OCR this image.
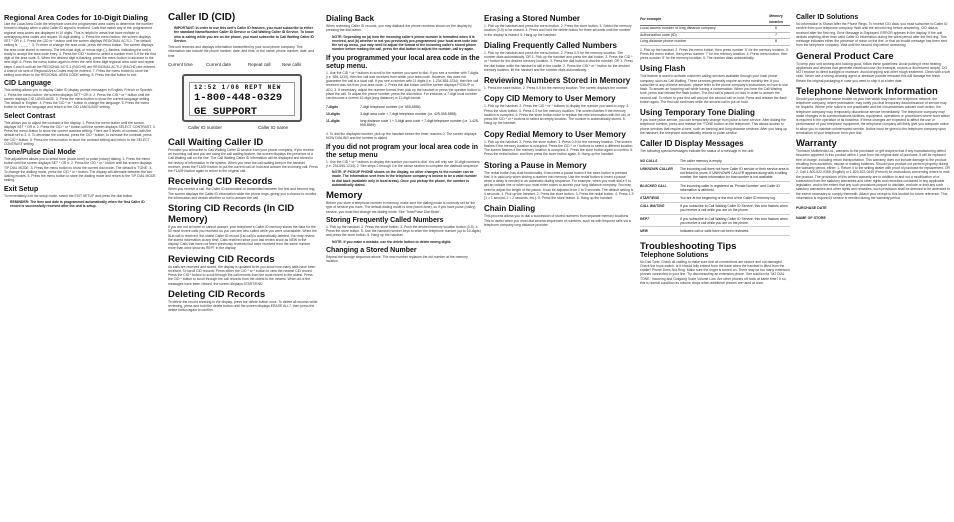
Regional Area Codes for 10-Digit Dialing
Like the Local Area Code the telephone uses the programmed area codes to determine the number format to display when a valid Caller ID signal is received. Calls that match any of the programmed regional area codes are displayed in 10 digits. This is helpful in areas that have multiple or overlapping area codes and require 10-digit dialing. 1. Press the menu button; the screen displays SET * OR #. 2. Press the CID or * button until the screen displays REGIONAL AC'S-1. The default setting is " _ _ _ ". 3. To enter or change the area code, press the menu button. The screen displays the area code stored in memory. The left-most digit, or minus sign (-), flashes, indicating the unit is ready to accept the area code entry. 4. Press the CID * button to select a number from 0-9 for the first digit of the area code. 5. When the desired digit is flashing, press the menu button to advance to the next digit. 6. Press the menu button again to enter the next three-digit regional area code and repeat steps 4 and 5 until all the REGIONAL AC'S-1 (RACHS) are REGIONAL AC'S-2 (RACH2) are entered. A total of six sets of Regional Area Codes may be entered. 7. Press the menu button to store the setting and return to the REGIONAL AREA CODE setting. 8. Press the dial button to exit.
CID Language
This setting allows you to display Caller ID display prompt messages in English, French or Spanish. 1. Press the menu button; the screen displays SET * OR #. 2. Press the CID * or * button until the screen displays CID LANGUAGE. 3. Press the menu button to show the current language setting. The default is 'English'. 4. Press the CID * or * button to change the language. 5. Press the menu button to store the language and return to the CID LANGUAGE setting.
Select Contrast
This allows you to adjust the contrast of the display. 1. Press the menu button until the screen displays SET * OR #. 2. Press the CID * or * button until the screen displays SELECT CONTRAST. 3. Press the menu button to show the current contrast setting. There are 5 levels of contrast, with the default set to 3. 4. To decrease the contrast, press the CID * button; to increase the contrast, press the CID * button. 5. Press the menu button to store the contrast setting and return to the SELECT CONTRAST setting.
Tone/Pulse Dial Mode
This adjustment allows you to select tone (touch-tone) or pulse (rotary) dialing. 1. Press the menu button until the screen displays SET * OR #. 2. Press the CID * or * button until the screen displays T/P DIAL MODE. 3. Press the menu button to show the current dial mode. The default is 'TONE'. 4. To change the dialling mode, press the CID * or * button. The display will alternate between the two dialling modes. 5. Press the menu button to store the dialling mode and return to the T/P DIAL MODE setting.
Exit Setup
To immediately exit the setup mode, select the EXIT SETUP and press the dial button.
REMINDER: The time and date is programmed automatically when the first Caller ID record is successfully received after the unit is setup.
Caller ID (CID)
IMPORTANT: In order to use this unit's Caller ID features, you must subscribe to either the standard Name/Number Caller ID Service or Call Waiting Caller ID Service. To know who is calling while you are on the phone, you must subscribe to Call Waiting Caller ID Service.
This unit receives and displays information transmitted by your local phone company. This information can include the phone number, date, and time; or the name, phone number, date, and time.
Current time	Current date	Repeat call	New calls
12:52 1/06 REPT NEW
1-800-448-0329
GE SUPPORT
Caller ID number	Caller ID name
Call Waiting Caller ID
Provided you subscribe to Call Waiting Caller ID service from your phone company; if you receive an incoming call and you are using the call waiting feature, the screen displays the presence of a Call Waiting call on the line. The Call Waiting Caller ID information will be displayed and stored in the history of information in the system. When you hear the call waiting beep in the handset receiver, press the FLASH button to put the current call on hold and answer the incoming call. Press the FLASH button again to return to the original call.
Receiving CID Records
When you receive a call, the Caller ID information is transmitted between the first and second ring. The screen displays the Caller ID information while the phone rings, giving you a chance to monitor the information and decide whether or not to answer the call.
Storing CID Records (In CID Memory)
If you are not at home or cannot answer, your telephone's Caller ID memory stores the data for the 50 most recent calls you received so you can see who called while you were unavailable. When the 51st call is received, the oldest Caller ID record (1st call) is automatically deleted. You may review the stored information at any time. Calls received since your last review show as NEW in the display. Calls that have not been previously reviewed but were received from the same number more than once show as REPT in the display.
Reviewing CID Records
As calls are received and stored, the display is updated to let you know how many calls have been received. To scroll CID records: Press either the CID * or * button to view the newest CID record. Press the CID * button to scroll through the call records from the most recent to the oldest. Press the CID * button to scroll through the call records from the oldest to the newest. When all of the messages have been viewed, the screen displays START/END.
Deleting CID Records
To delete the record showing in the display, press the delete button once. To delete all records while reviewing, press and hold the delete button until the screen displays ERASE ALL?, then press the delete button again to confirm.
Dialing Back
When reviewing Caller ID records, you may dialback the phone numbers shown on the display by pressing the dial button.
NOTE: Depending on (a) how the incoming caller's phone number is formatted when it is received, and (b) whether or not you previously pre-programmed your local area code into the set up menu, you may need to adjust the format of the incoming caller's stored phone number before making the call, press the dial button to adjust the number, call try again.
If you programmed your local area code in the setup menu.
1. Use the CID * or * buttons to scroll to the number you want to dial. If you see a number with 7 digits (i.e. 555-1234), then the call was received from within your area code. However, this does not guarantee the call is a local call. If you see a number with 11 digits (i.e. 1-234-555-1234), then the call received was not from your area code. 2. Press the dial button until the screen displays PICKUP or ADJ. 3. If necessary, adjust the number format, then pick up the handset or press the speaker button to place the call. To adjust the phone number, press the dial button. For instance, a 7-digit local number can become a correct 10-digit (long distance) or 11-digit format.
7-digits	7-digit telephone number (i.e. 555-5555)
10-digits	3-digit area code + 7-digit telephone number (i.e. 425-555-5555)
11-digits	long distance code 1 + 3-digit area code + 7-digit telephone number (i.e. 1-425-555-5555)
4. To dial the displayed number, pick up the handset before the timer reaches 0. The screen displays NOW DIALING and the number is dialed.
If you did not program your local area code in the setup menu
1. Use the CID * or * buttons to display the number you want to dial. You will only see 10-digit numbers (i.e. 234-555-1234). 2. See steps 2 through 4 in the above section to complete the dialback sequence.
NOTE: IF PICKUP PHONE shows on the display, no other changes to the number can be made. The information sent from in the telephone company is known to be a valid number to dial back (available only in local areas). Once you pickup the phone, the number is automatically dialed.
Memory
Before you store a telephone number in memory, make sure the dialing mode is correctly set for the type of service you have. The default dialing mode is tone (touch-tone), so if you have pulse (rotary) service, you must first change the dialing mode. See 'Tone/Pulse Dial Mode'.
Storing Frequently Called Numbers
1. Pick up the handset. 2. Press the store button. 3. Push the desired memory location button (0-9). 4. Press the store button. 5. Use the handset number keys to enter the telephone number (up to 16-digits) and press the store button. 6. Hang up the handset.
NOTE: If you make a mistake, use the delete button to delete wrong digits.
Changing a Stored Number
Repeat the storage sequence above. The new number replaces the old number at the memory location.
Erasing a Stored Number
1. Pick up the handset and press the menu button. 2. Press the store button. 3. Select the memory location (0-9) to be erased. 4. Press and hold the delete button for three seconds until the number in the display is erased. 5. Hang up the handset.
Dialing Frequently Called Numbers
1. Pick up the handset and press the menu button. 2. Press 0-9 for the memory location. The number dials automatically. OR 1. Pick up the handset and press the dial button. 2. Press the CID * or * button for the desired memory location. 3. Press the dial button to dial the number. OR 1. Press the dial button while the handset is still in the cradle. 2. Press the CID * or * button for the desired memory location, lift the handset and the number dials automatically.
Reviewing Numbers Stored in Memory
1. Press the store button. 2. Press 0-9 for the memory location. The screen displays the number.
Copy CID Memory to User Memory
1. Pick up the handset. 2. Press the CID * or * buttons to display the number you want to copy. 3. Press the store button. 4. Press 0-9 for the memory location. The screen flashes if the memory location is occupied. 5. Press the store button twice to replace the new information with the old, or press the CID * or * buttons to select an empty location. The number is automatically stored. 6. Hang up the handset.
Copy Redial Memory to User Memory
1. Pick up the handset. 2. Press the store button. 3. Press 0-9 for the memory location. The screen flashes if the memory location is occupied. Press the CID * or * buttons to select a different location. The screen flashes if the memory location is occupied. 4. Press the store button again to confirm. 5. Press the redial button, and then press the store button again. 6. Hang up the handset.
Storing a Pause in Memory
The redial button has dual functionality. It becomes a pause button if the store button is pressed first. It is valid only when storing a number into memory. Use the redial button to insert a pause when a delay is needed in an automatic dialing sequence. For example, when you must dial a 9 to get an outside line or when you must enter codes to access your long distance company. You may need to adjust the length of the pause. It can be adjusted from 1 to 9 seconds. The default setting is 4 seconds. 1. Pick up the handset. 2. Press the store button. 3. Press the redial button. 4. Press 1-9 (1 = 1 second, 2 = 2 seconds, etc.). 5. Press the store button. 6. Hang up the handset.
Chain Dialing
This process allows you to dial a succession of stored numbers from separate memory locations. This is useful when you must dial several sequences of numbers, such as with frequent calls via a telephone company long distance provider.
For example	Memory location
Local access number of long distance company	6
Authorization code (ID)	7
Long distance phone number	8
1. Pick up the handset. 2. Press the menu button, then press number '6' for the memory location. 3. Press the menu button, then press number '7' for the memory location. 4. Press menu button, then press number '8' for the memory location. 5. The number dials automatically.
Using Flash
This feature is used to activate customer calling services available through your local phone company, such as Call Waiting. These services generally require an extra monthly fee. If you subscribe to any of these services, please refer to the phone company's instructions on how to use flash. To answer an incoming call while having a conversation: When you hear the Call Waiting tone, press and release the flash button. The first call is placed on hold in order to answer the second call. To return to your first call and put the second call on hold: Press and release the flash button again. The first call continues while the second call is put on hold.
Using Temporary Tone Dialing
If you have pulse service, you can temporarily change from pulse to tone service. After dialing the telephone number, press and release the *TONE button on the telephone. This allows access to phone services that require a tone, such as banking and long distance services. After you hang up the handset, the telephone automatically returns to pulse service.
Caller ID Display Messages
The following special messages indicate the status of a message in the unit:
NO CALLS	The caller memory is empty.
UNKNOWN CALLER	The incoming call does not have Caller ID service or their service area is not linked to yours. If UNKNOWN CALLER appears along with a calling number, the name information for that number is not available.
BLOCKED CALL	The incoming caller is registered as 'Private Number' and Caller ID information is withheld.
START/END	You are at the beginning or the end of the Caller ID memory log.
CALL WAITING	If you subscribe to Call Waiting Caller ID Service, this icon flashes when you receive a call while you are on the phone.
REPT	If you subscribe to Call Waiting Caller ID Service, this icon flashes when you receive a call while you are on the phone.
NEW	Indicates call or calls have not been reviewed.
Troubleshooting Tips
Telephone Solutions
No Dial Tone. Check all cabling to make sure that all connections are secure and not damaged. Check the hook switch. Is it should fully extend from the base when the handset is lifted from the cradle? Phone Does Not Ring. Make sure the ringer is turned on. There may be too many extension phones connected to your line. Try disconnecting an extension phone. See solution for 'NO DIAL TONE.' Incoming and Outgoing Voice Volume Low. Are other phones off hook at same time? If so, this is normal condition as volume drops when additional phones are used at once.
Caller ID Solutions
No Information is Shown After the Phone Rings. To receive CID data, you must subscribe to Caller ID service from your telephone company. Wait until the second ring before answering. CID data is received after the first ring. Error Message is Displayed. ERROR appears in the display. If the unit detects anything other than valid Caller ID information during the silent period after the first ring. This message indicates either the presence of noise on the line, or that an invalid message has been sent from the telephone company. Wait until the second ring before answering.
General Product Care
To keep your unit working and looking good, follow these guidelines: Avoid putting it near heating appliances and devices that generate electrical noise (for example, motors or fluorescent lamps). DO NOT expose to direct sunlight or moisture. Avoid dropping and other rough treatment. Clean with a soft cloth. Never use a strong cleaning agent or abrasive powder because this will damage the finish. Retain the original packaging in case you need to ship it at a later date.
Telephone Network Information
Should your equipment cause trouble on your line which may harm the telephone network, the telephone company, where practicable, may notify you that temporary discontinuance of service may be required. Where prior notice is not practicable and the circumstances warrant such action, the telephone company may temporarily discontinue service immediately. The telephone company may make changes in its communications facilities, equipment, operations or procedures where such action is required in the operation of its business. If these changes are expected to affect the use or performance of your telephone equipment, the telephone company will likely give you adequate notice to allow you to maintain uninterrupted service. Notice must be given to the telephone company upon termination of your telephone from your line.
Warranty
Thomson Multimedia Ltd., warrants to the purchaser or gift recipient that if any manufacturing defect becomes apparent in this product within 1 year from the original date of purchase, it will be replaced free of charge, including return transportation. This warranty does not include damage to the product resulting from accidents, misuse or leaking batteries. Should your product not perform properly during the warranty period, either: 1. Return it to the selling dealer with proof of purchase for replacement, OR 2. Call 1-800-522-0358 (English) or 1-800-522-0445 (French) for instructions concerning where to mail the product. The provisions of this written warranty are in addition to and not a modification of or subtraction from the statutory warranties and other rights and remedies contained in any applicable legislation, and to the extent that any such provisions purport to disclaim, exclude or limit any such statutory warranties and other rights and remedies, such provisions shall be deemed to be amended to the extent necessary to comply therewith. Attach your receipt to this booklet for future reference. This information is required if service is needed during the warranty period.
PURCHASE DATE
NAME OF STORE
